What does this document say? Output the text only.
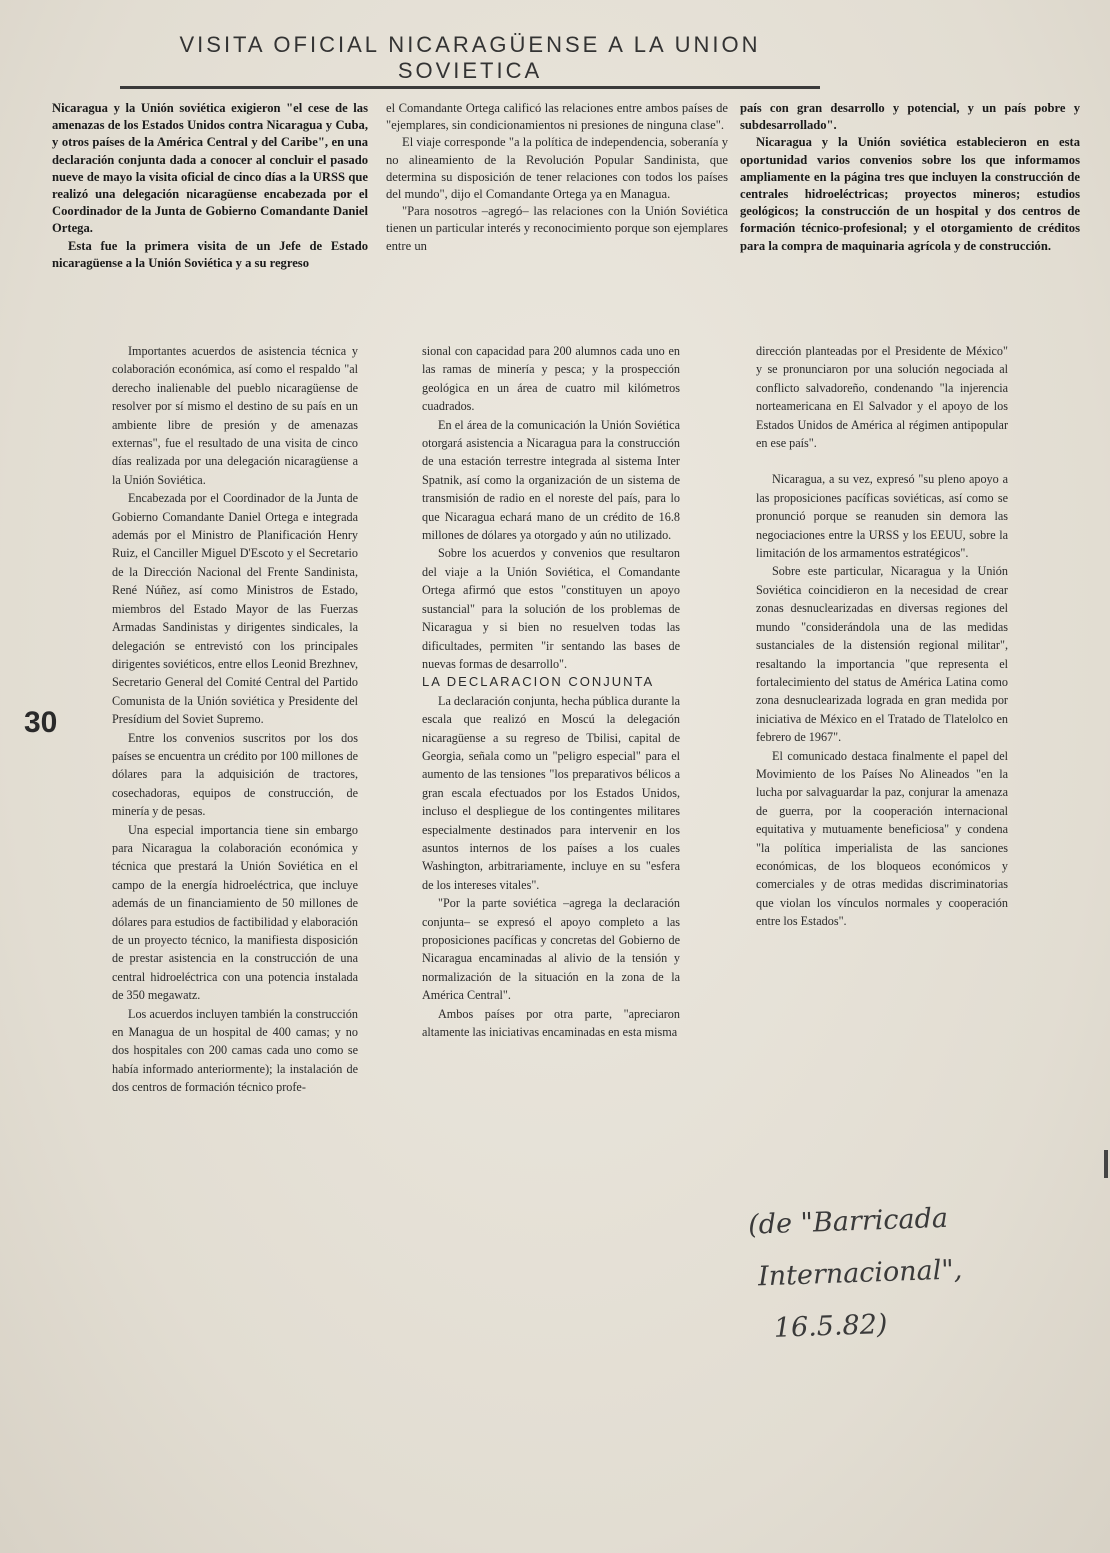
VISITA OFICIAL NICARAGÜENSE A LA UNION SOVIETICA

Nicaragua y la Unión soviética exigieron "el cese de las amenazas de los Estados Unidos contra Nicaragua y Cuba, y otros países de la América Central y del Caribe", en una declaración conjunta dada a conocer al concluir el pasado nueve de mayo la visita oficial de cinco días a la URSS que realizó una delegación nicaragüense encabezada por el Coordinador de la Junta de Gobierno Comandante Daniel Ortega.

Esta fue la primera visita de un Jefe de Estado nicaragüense a la Unión Soviética y a su regreso

el Comandante Ortega calificó las relaciones entre ambos países de "ejemplares, sin condicionamientos ni presiones de ninguna clase".

El viaje corresponde "a la política de independencia, soberanía y no alineamiento de la Revolución Popular Sandinista, que determina su disposición de tener relaciones con todos los países del mundo", dijo el Comandante Ortega ya en Managua.

"Para nosotros –agregó– las relaciones con la Unión Soviética tienen un particular interés y reconocimiento porque son ejemplares entre un

país con gran desarrollo y potencial, y un país pobre y subdesarrollado".

Nicaragua y la Unión soviética establecieron en esta oportunidad varios convenios sobre los que informamos ampliamente en la página tres que incluyen la construcción de centrales hidroeléctricas; proyectos mineros; estudios geológicos; la construcción de un hospital y dos centros de formación técnico-profesional; y el otorgamiento de créditos para la compra de maquinaria agrícola y de construcción.

30

Importantes acuerdos de asistencia técnica y colaboración económica, así como el respaldo "al derecho inalienable del pueblo nicaragüense de resolver por sí mismo el destino de su país en un ambiente libre de presión y de amenazas externas", fue el resultado de una visita de cinco días realizada por una delegación nicaragüense a la Unión Soviética.

Encabezada por el Coordinador de la Junta de Gobierno Comandante Daniel Ortega e integrada además por el Ministro de Planificación Henry Ruiz, el Canciller Miguel D'Escoto y el Secretario de la Dirección Nacional del Frente Sandinista, René Núñez, así como Ministros de Estado, miembros del Estado Mayor de las Fuerzas Armadas Sandinistas y dirigentes sindicales, la delegación se entrevistó con los principales dirigentes soviéticos, entre ellos Leonid Brezhnev, Secretario General del Comité Central del Partido Comunista de la Unión soviética y Presidente del Presídium del Soviet Supremo.

Entre los convenios suscritos por los dos países se encuentra un crédito por 100 millones de dólares para la adquisición de tractores, cosechadoras, equipos de construcción, de minería y de pesas.

Una especial importancia tiene sin embargo para Nicaragua la colaboración económica y técnica que prestará la Unión Soviética en el campo de la energía hidroeléctrica, que incluye además de un financiamiento de 50 millones de dólares para estudios de factibilidad y elaboración de un proyecto técnico, la manifiesta disposición de prestar asistencia en la construcción de una central hidroeléctrica con una potencia instalada de 350 megawatz.

Los acuerdos incluyen también la construcción en Managua de un hospital de 400 camas; y no dos hospitales con 200 camas cada uno como se había informado anteriormente); la instalación de dos centros de formación técnico profe-

sional con capacidad para 200 alumnos cada uno en las ramas de minería y pesca; y la prospección geológica en un área de cuatro mil kilómetros cuadrados.

En el área de la comunicación la Unión Soviética otorgará asistencia a Nicaragua para la construcción de una estación terrestre integrada al sistema Inter Spatnik, así como la organización de un sistema de transmisión de radio en el noreste del país, para lo que Nicaragua echará mano de un crédito de 16.8 millones de dólares ya otorgado y aún no utilizado.

Sobre los acuerdos y convenios que resultaron del viaje a la Unión Soviética, el Comandante Ortega afirmó que estos "constituyen un apoyo sustancial" para la solución de los problemas de Nicaragua y si bien no resuelven todas las dificultades, permiten "ir sentando las bases de nuevas formas de desarrollo".

LA DECLARACION CONJUNTA

La declaración conjunta, hecha pública durante la escala que realizó en Moscú la delegación nicaragüense a su regreso de Tbilisi, capital de Georgia, señala como un "peligro especial" para el aumento de las tensiones "los preparativos bélicos a gran escala efectuados por los Estados Unidos, incluso el despliegue de los contingentes militares especialmente destinados para intervenir en los asuntos internos de los países a los cuales Washington, arbitrariamente, incluye en su "esfera de los intereses vitales".

"Por la parte soviética –agrega la declaración conjunta– se expresó el apoyo completo a las proposiciones pacíficas y concretas del Gobierno de Nicaragua encaminadas al alivio de la tensión y normalización de la situación en la zona de la América Central".

Ambos países por otra parte, "apreciaron altamente las iniciativas encaminadas en esta misma

dirección planteadas por el Presidente de México" y se pronunciaron por una solución negociada al conflicto salvadoreño, condenando "la injerencia norteamericana en El Salvador y el apoyo de los Estados Unidos de América al régimen antipopular en ese país".

Nicaragua, a su vez, expresó "su pleno apoyo a las proposiciones pacíficas soviéticas, así como se pronunció porque se reanuden sin demora las negociaciones entre la URSS y los EEUU, sobre la limitación de los armamentos estratégicos".

Sobre este particular, Nicaragua y la Unión Soviética coincidieron en la necesidad de crear zonas desnuclearizadas en diversas regiones del mundo "considerándola una de las medidas sustanciales de la distensión regional militar", resaltando la importancia "que representa el fortalecimiento del status de América Latina como zona desnuclearizada lograda en gran medida por iniciativa de México en el Tratado de Tlatelolco en febrero de 1967".

El comunicado destaca finalmente el papel del Movimiento de los Países No Alineados "en la lucha por salvaguardar la paz, conjurar la amenaza de guerra, por la cooperación internacional equitativa y mutuamente beneficiosa" y condena "la política imperialista de las sanciones económicas, de los bloqueos económicos y comerciales y de otras medidas discriminatorias que violan los vínculos normales y cooperación entre los Estados".

(de "Barricada
Internacional",
16.5.82)
